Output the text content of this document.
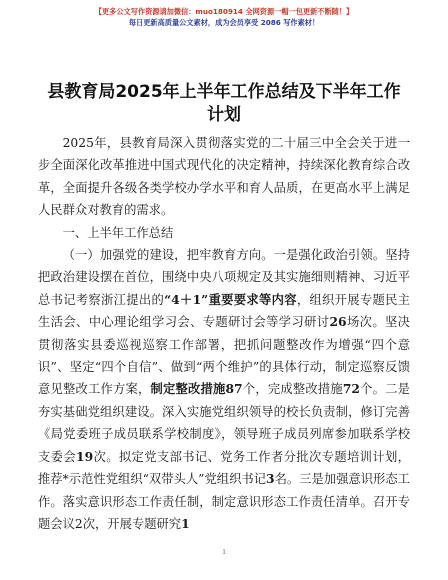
【更多公文写作资源请加微信：muo180914 全网资源一帽一包更新不断随！】
每日更新高质量公文素材，成为会员享受 2086 写作素材！
县教育局2025年上半年工作总结及下半年工作
计划

2025年，县教育局深入贯彻落实党的二十届三中全会关于进一步全面深化改革推进中国式现代化的决定精神，持续深化教育综合改革，全面提升各级各类学校办学水平和育人品质，在更高水平上满足人民群众对教育的需求。

一、上半年工作总结

（一）加强党的建设，把牢教育方向。一是强化政治引领。坚持把政治建设摆在首位，围绕中央八项规定及其实施细则精神、习近平总书记考察浙江提出的“4＋1”重要要求等内容，组织开展专题民主生活会、中心理论组学习会、专题研讨会等学习研讨26场次。坚决贯彻落实县委巡视巡察工作部署，把抓问题整改作为增强“四个意识”、坚定“四个自信”、做到“两个维护”的具体行动，制定巡察反馈意见整改工作方案，制定整改措施87个，完成整改措施72个。二是夯实基础党组织建设。深入实施党组织领导的校长负责制，修订完善《局党委班子成员联系学校制度》，领导班子成员列席参加联系学校支委会19次。拟定党支部书记、党务工作者分批次专题培训计划，推荐*示范性党组织“双带头人”党组织书记3名。三是加强意识形态工作。落实意识形态工作责任制，制定意识形态工作责任清单。召开专题会议2次，开展专题研究1

1
